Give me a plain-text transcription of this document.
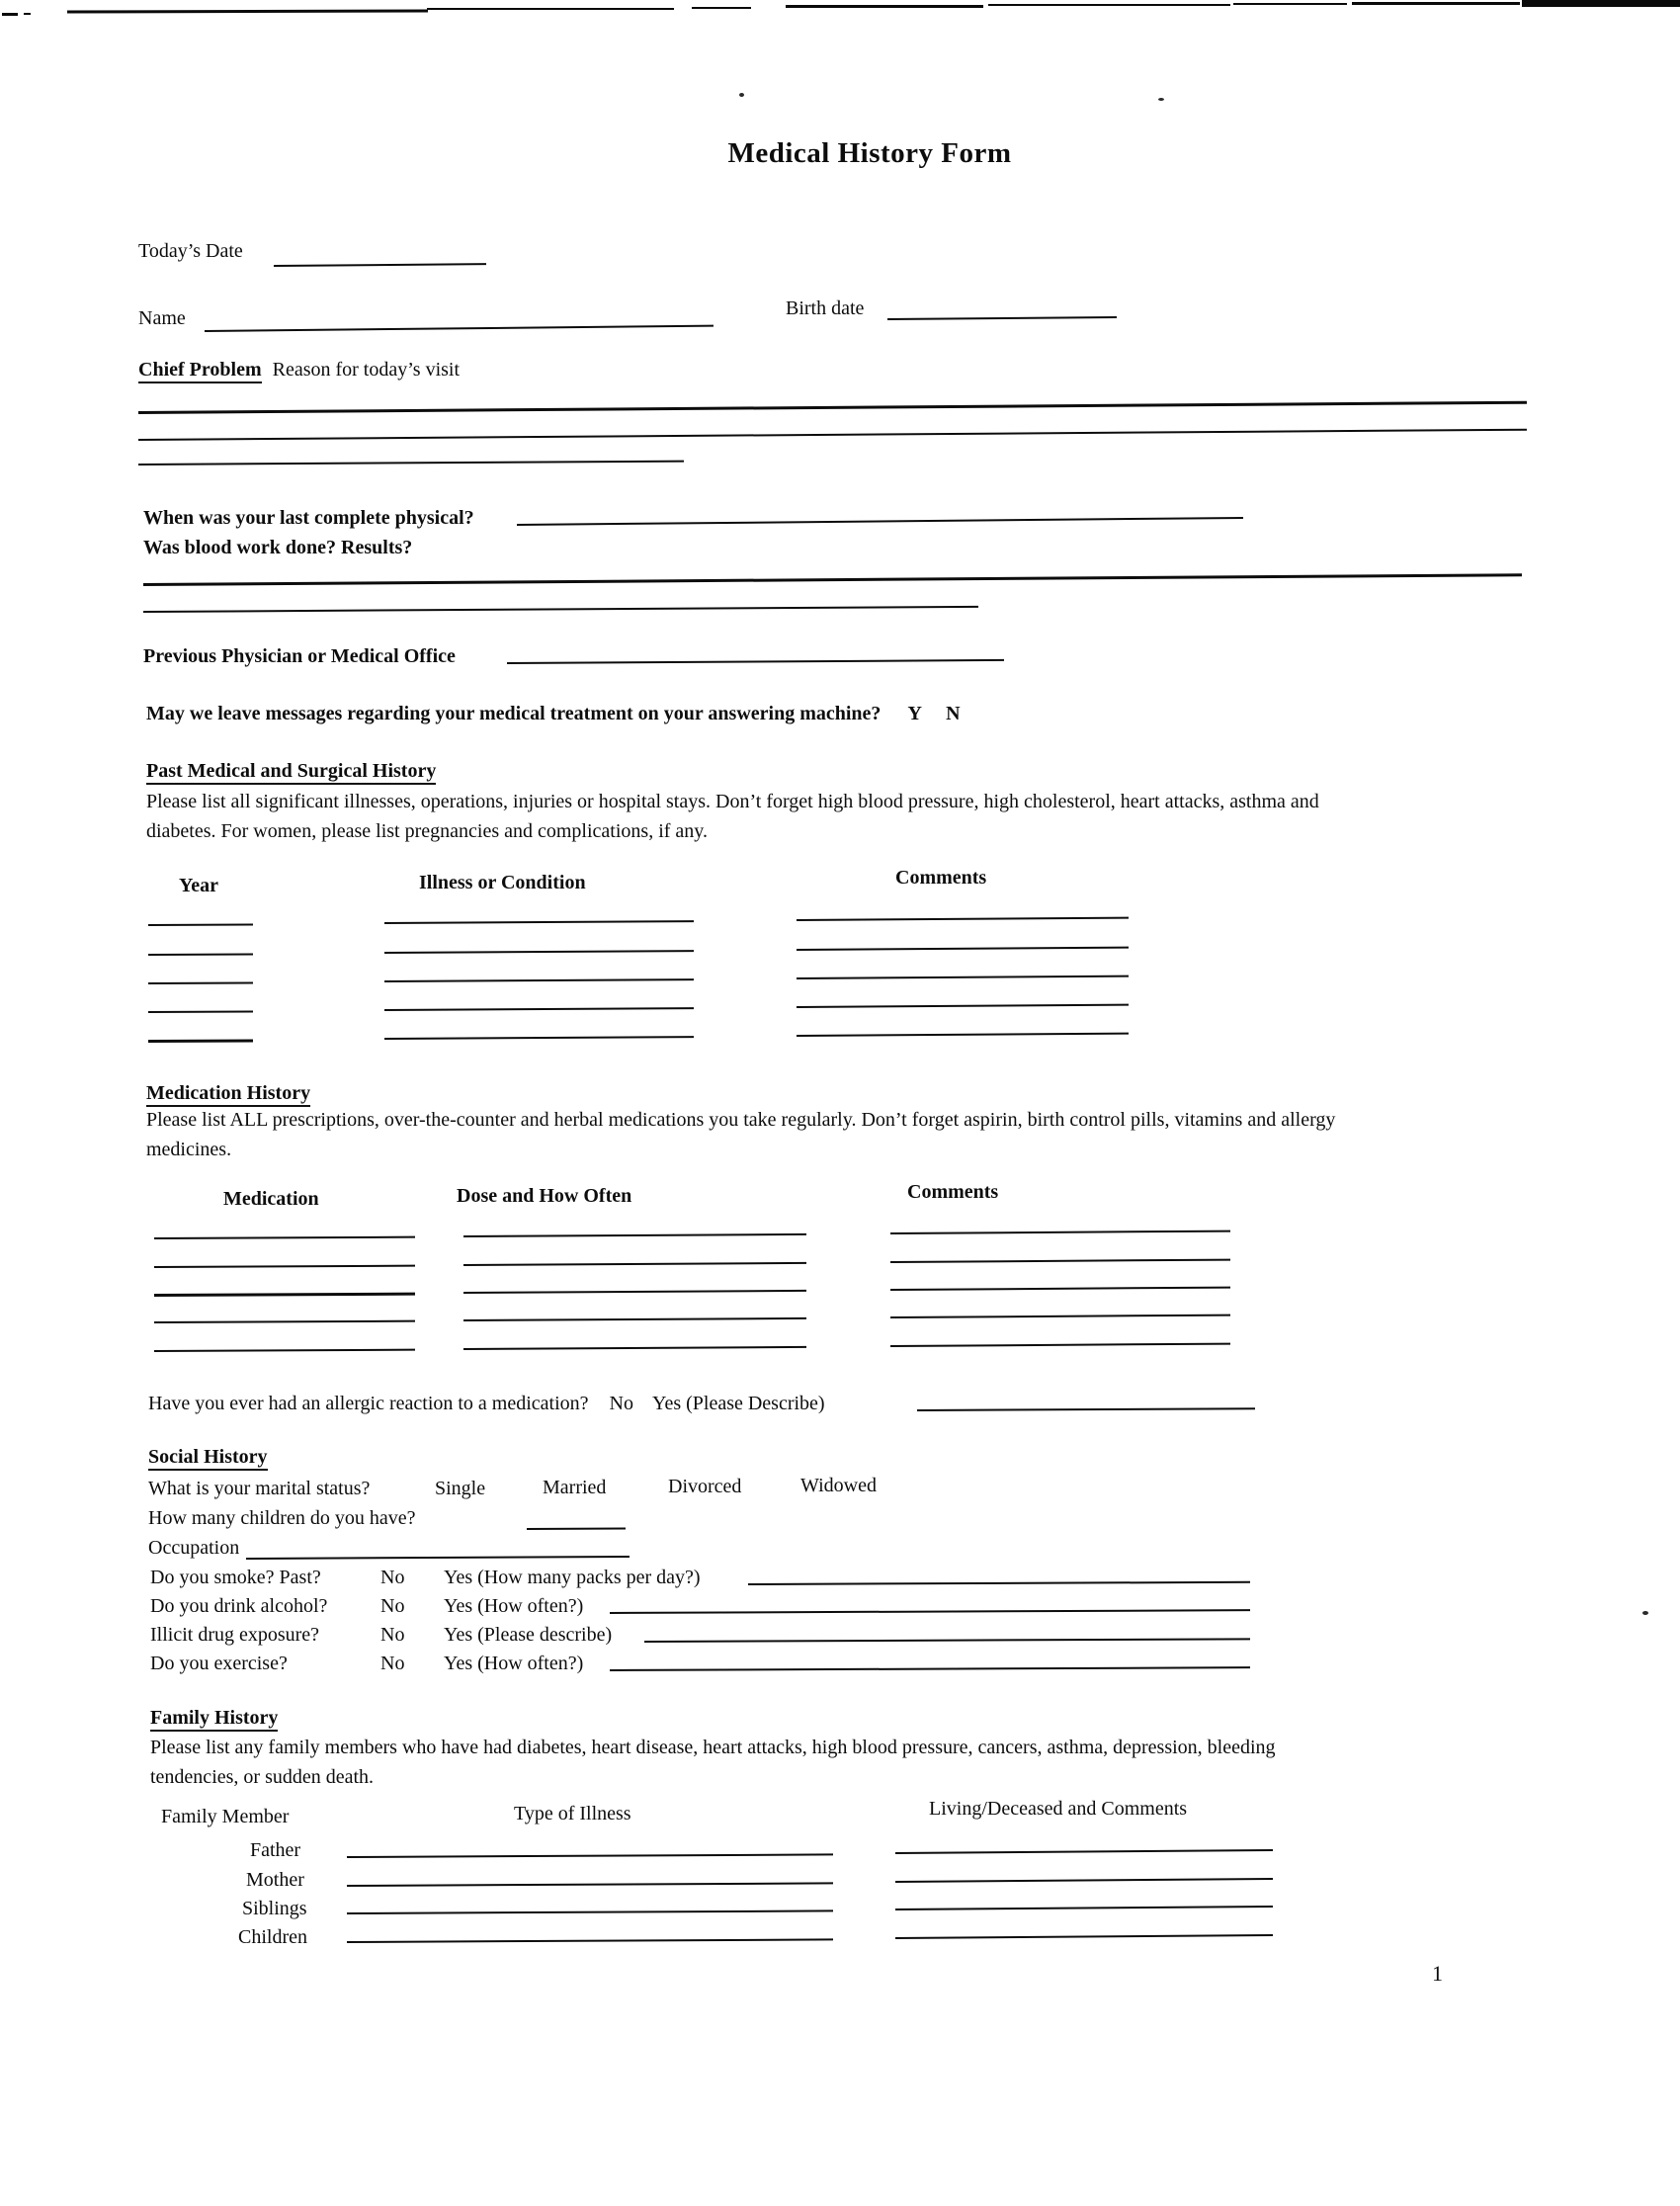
Medical History Form
Today’s Date
Name	Birth date
Chief Problem Reason for today’s visit
When was your last complete physical?
Was blood work done? Results?
Previous Physician or Medical Office
May we leave messages regarding your medical treatment on your answering machine? Y N
Past Medical and Surgical History
Please list all significant illnesses, operations, injuries or hospital stays. Don’t forget high blood pressure, high cholesterol, heart attacks, asthma and
diabetes. For women, please list pregnancies and complications, if any.
Year	Illness or Condition	Comments
Medication History
Please list ALL prescriptions, over-the-counter and herbal medications you take regularly. Don’t forget aspirin, birth control pills, vitamins and allergy
medicines.
Medication	Dose and How Often	Comments
Have you ever had an allergic reaction to a medication? No Yes (Please Describe)
Social History
What is your marital status?	Single	Married	Divorced	Widowed
How many children do you have?
Occupation
Do you smoke? Past?	No Yes (How many packs per day?)
Do you drink alcohol?	No Yes (How often?)
Illicit drug exposure?	No Yes (Please describe)
Do you exercise?	No Yes (How often?)
Family History
Please list any family members who have had diabetes, heart disease, heart attacks, high blood pressure, cancers, asthma, depression, bleeding
tendencies, or sudden death.
Family Member	Type of Illness	Living/Deceased and Comments
Father
Mother
Siblings
Children
1
